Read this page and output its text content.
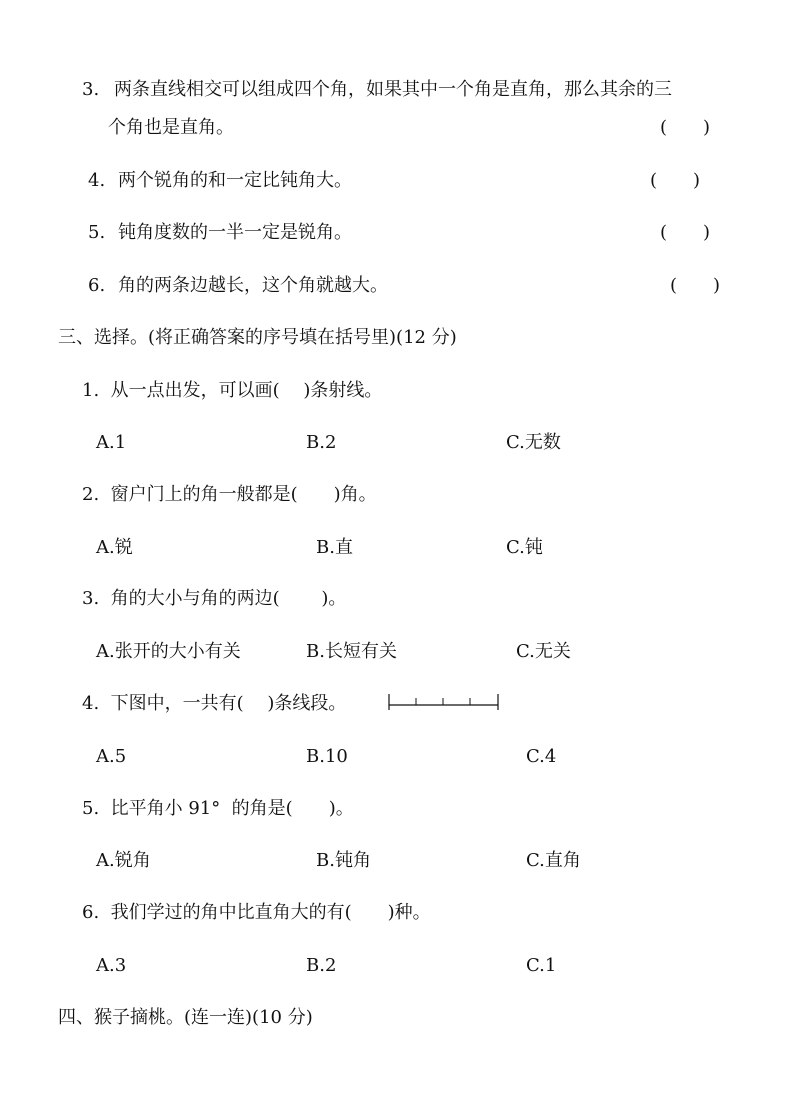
3. 两条直线相交可以组成四个角，如果其中一个角是直角，那么其余的三
个角也是直角。	(　　)
4. 两个锐角的和一定比钝角大。	(　　)
5. 钝角度数的一半一定是锐角。	(　　)
6. 角的两条边越长，这个角就越大。	(　　)
三、选择。(将正确答案的序号填在括号里)(12 分)
1.  从一点出发，可以画(　 )条射线。
A.1	B.2	C.无数
2.  窗户门上的角一般都是(　　)角。
A.锐	B.直	C.钝
3.  角的大小与角的两边(　　 )。
A.张开的大小有关	B.长短有关	C.无关
4.  下图中，一共有(　 )条线段。
A.5	B.10	C.4
5.  比平角小 91°  的角是(　　)。
A.锐角	B.钝角	C.直角
6.  我们学过的角中比直角大的有(　　)种。
A.3	B.2	C.1
四、猴子摘桃。(连一连)(10 分)
